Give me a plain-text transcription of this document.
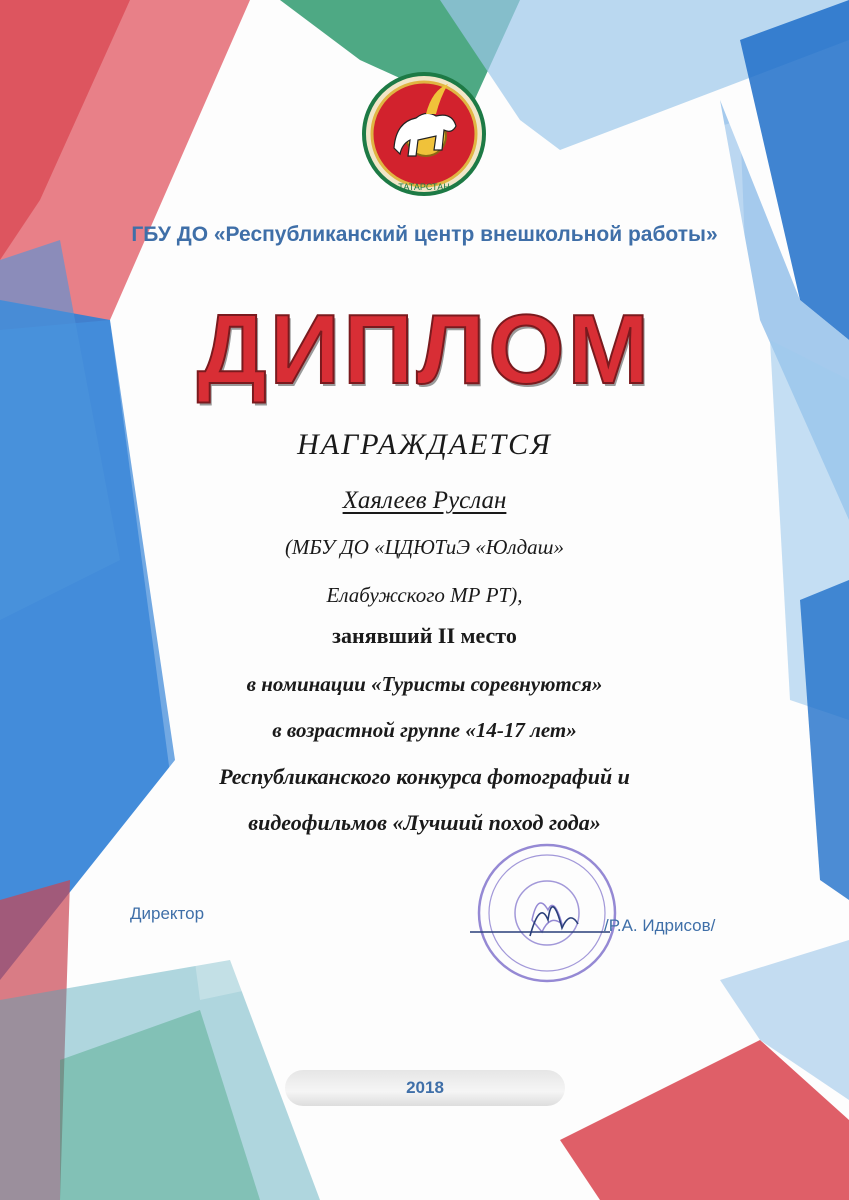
ТАТАРСТАН
ГБУ ДО «Республиканский центр внешкольной работы»
ДИПЛОМ
НАГРАЖДАЕТСЯ
Хаялеев Руслан
(МБУ ДО «ЦДЮТиЭ «Юлдаш»
Елабужского МР РТ),
занявший II место
в номинации «Туристы соревнуются»
в возрастной группе «14-17 лет»
Республиканского конкурса фотографий и
видеофильмов «Лучший поход года»
Директор
/Р.А. Идрисов/
2018
